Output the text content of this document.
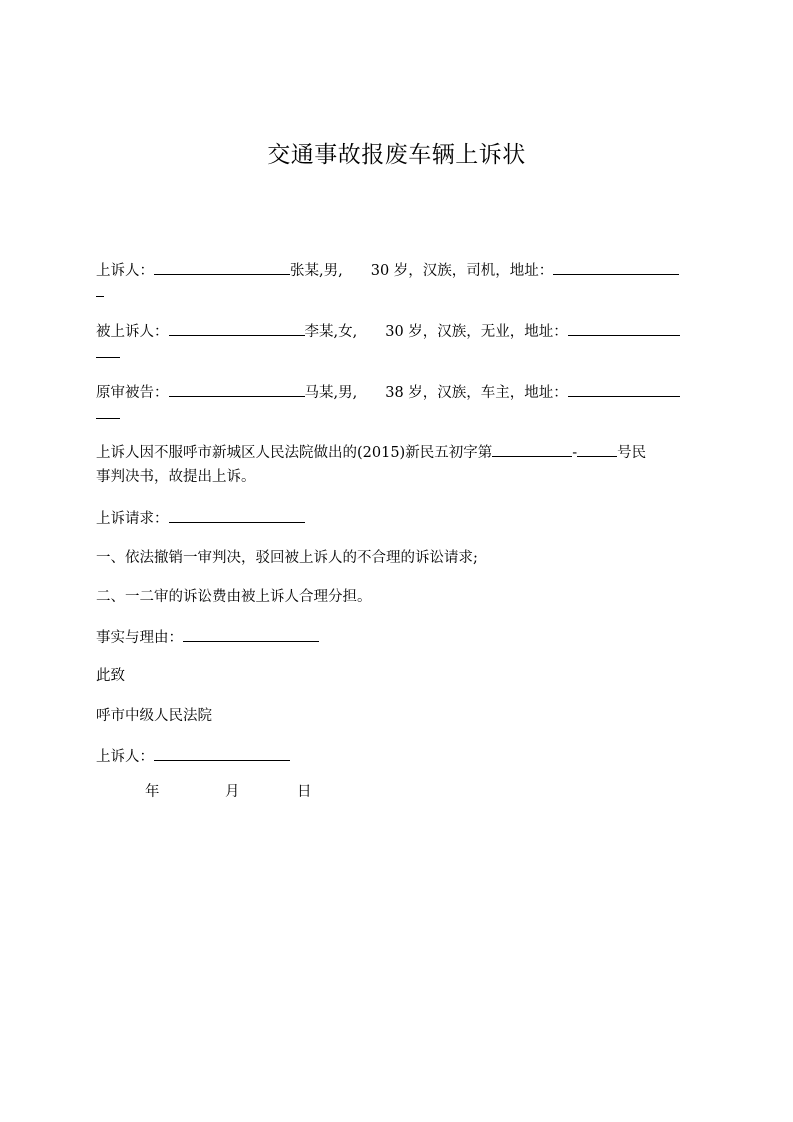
交通事故报废车辆上诉状
上诉人：	张某,男, 30 岁，汉族，司机，地址：
被上诉人：	李某,女, 30 岁，汉族，无业，地址：
原审被告：	马某,男, 38 岁，汉族，车主，地址：
上诉人因不服呼市新城区人民法院做出的(2015)新民五初字第	-	号民
事判决书，故提出上诉。
上诉请求：
一、依法撤销一审判决，驳回被上诉人的不合理的诉讼请求;
二、一二审的诉讼费由被上诉人合理分担。
事实与理由：
此致
呼市中级人民法院
上诉人：
年	月	日
